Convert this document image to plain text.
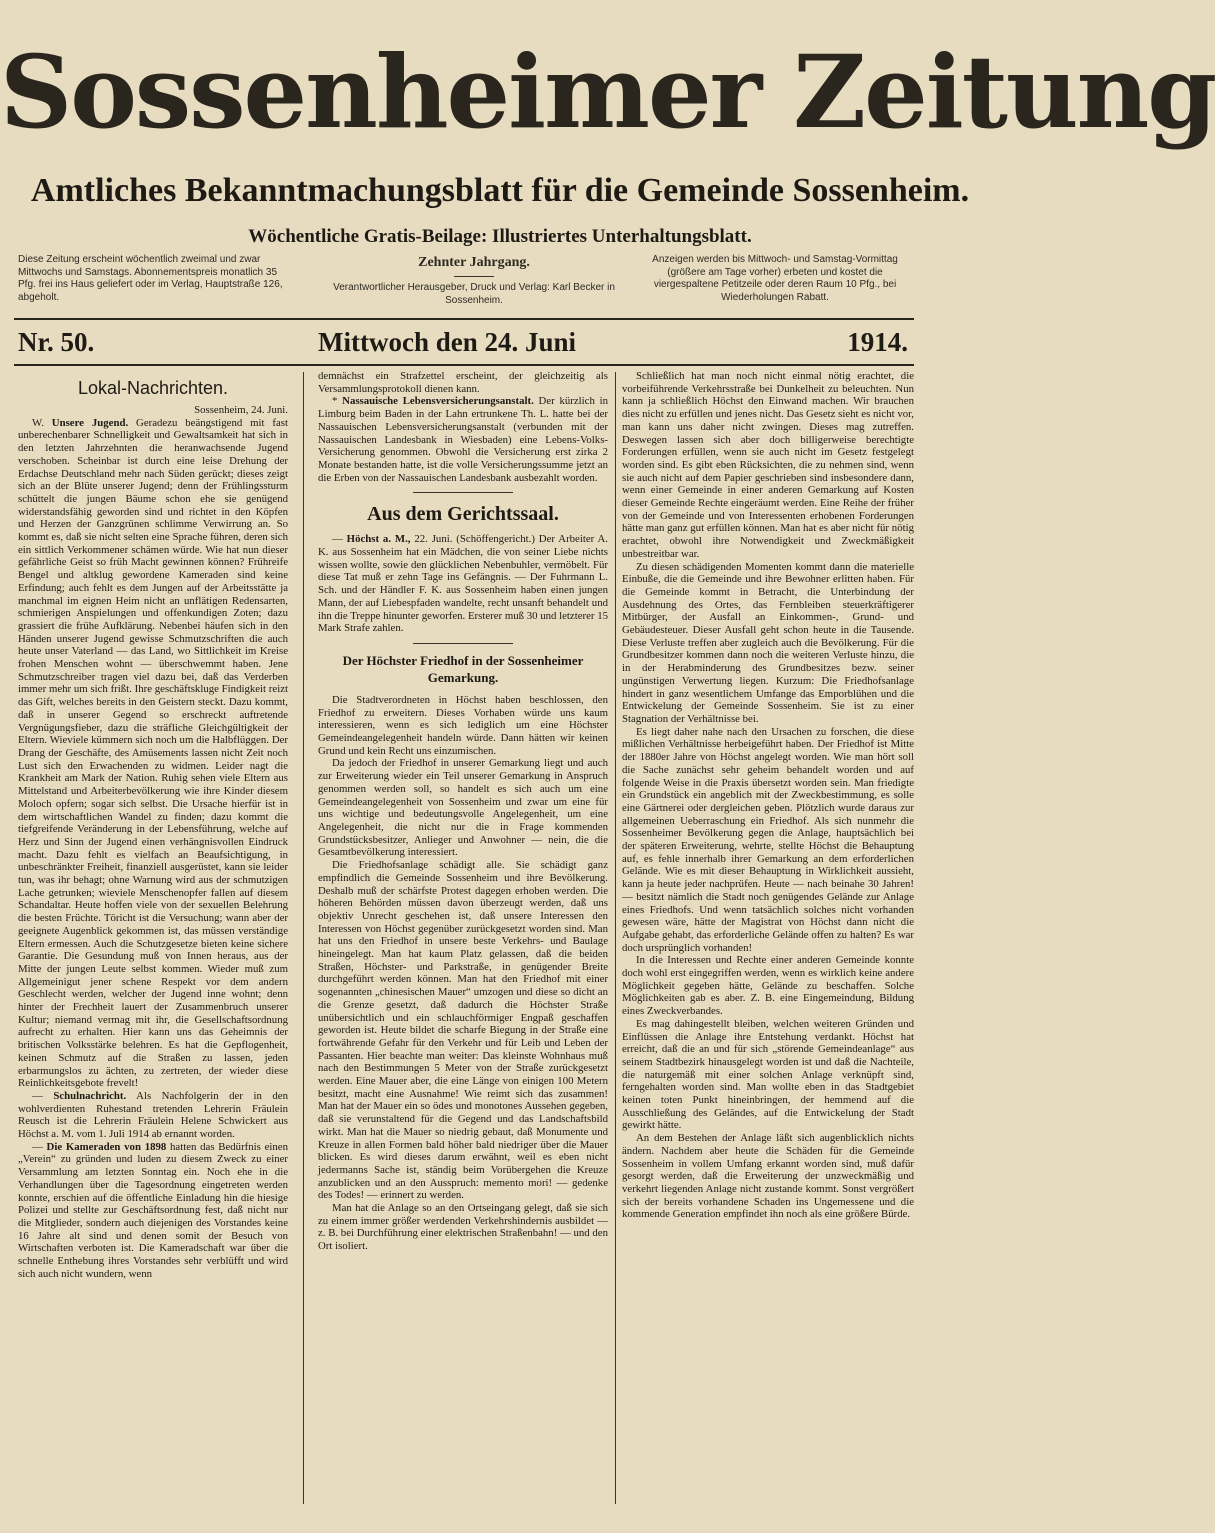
Sossenheimer Zeitung
Amtliches Bekanntmachungsblatt für die Gemeinde Sossenheim.
Wöchentliche Gratis-Beilage: Illustriertes Unterhaltungsblatt.
Diese Zeitung erscheint wöchentlich zweimal und zwar Mittwochs und Samstags. Abonnementspreis monatlich 35 Pfg. frei ins Haus geliefert oder im Verlag, Hauptstraße 126, abgeholt.
Zehnter Jahrgang.
Verantwortlicher Herausgeber, Druck und Verlag: Karl Becker in Sossenheim.
Anzeigen werden bis Mittwoch- und Samstag-Vormittag (größere am Tage vorher) erbeten und kostet die viergespaltene Petitzeile oder deren Raum 10 Pfg., bei Wiederholungen Rabatt.
Nr. 50.	Mittwoch den 24. Juni	1914.
Lokal-Nachrichten.

Sossenheim, 24. Juni.

W. Unsere Jugend. Geradezu beängstigend mit fast unberechenbarer Schnelligkeit und Gewaltsamkeit hat sich in den letzten Jahrzehnten die heranwachsende Jugend verschoben. Scheinbar ist durch eine leise Drehung der Erdachse Deutschland mehr nach Süden gerückt; dieses zeigt sich an der Blüte unserer Jugend; denn der Frühlingssturm schüttelt die jungen Bäume schon ehe sie genügend widerstandsfähig geworden sind und richtet in den Köpfen und Herzen der Ganzgrünen schlimme Verwirrung an. So kommt es, daß sie nicht selten eine Sprache führen, deren sich ein sittlich Verkommener schämen würde. Wie hat nun dieser gefährliche Geist so früh Macht gewinnen können? Frühreife Bengel und altklug gewordene Kameraden sind keine Erfindung; auch fehlt es dem Jungen auf der Arbeitsstätte ja manchmal im eignen Heim nicht an unflätigen Redensarten, schmierigen Anspielungen und offenkundigen Zoten; dazu grassiert die frühe Aufklärung. Nebenbei häufen sich in den Händen unserer Jugend gewisse Schmutzschriften die auch heute unser Vaterland — das Land, wo Sittlichkeit im Kreise frohen Menschen wohnt — überschwemmt haben. Jene Schmutzschreiber tragen viel dazu bei, daß das Verderben immer mehr um sich frißt. Ihre geschäftskluge Findigkeit reizt das Gift, welches bereits in den Geistern steckt. Dazu kommt, daß in unserer Gegend so erschreckt auftretende Vergnügungsfieber, dazu die sträfliche Gleichgültigkeit der Eltern. Wieviele kümmern sich noch um die Halbflüggen. Der Drang der Geschäfte, des Amüsements lassen nicht Zeit noch Lust sich den Erwachenden zu widmen. Leider nagt die Krankheit am Mark der Nation. Ruhig sehen viele Eltern aus Mittelstand und Arbeiterbevölkerung wie ihre Kinder diesem Moloch opfern; sogar sich selbst. Die Ursache hierfür ist in dem wirtschaftlichen Wandel zu finden; dazu kommt die tiefgreifende Veränderung in der Lebensführung, welche auf Herz und Sinn der Jugend einen verhängnisvollen Eindruck macht. Dazu fehlt es vielfach an Beaufsichtigung, in unbeschränkter Freiheit, finanziell ausgerüstet, kann sie leider tun, was ihr behagt; ohne Warnung wird aus der schmutzigen Lache getrunken; wieviele Menschenopfer fallen auf diesem Schandaltar. Heute hoffen viele von der sexuellen Belehrung die besten Früchte. Töricht ist die Versuchung; wann aber der geeignete Augenblick gekommen ist, das müssen verständige Eltern ermessen. Auch die Schutzgesetze bieten keine sichere Garantie. Die Gesundung muß von Innen heraus, aus der Mitte der jungen Leute selbst kommen. Wieder muß zum Allgemeinigut jener schene Respekt vor dem andern Geschlecht werden, welcher der Jugend inne wohnt; denn hinter der Frechheit lauert der Zusammenbruch unserer Kultur; niemand vermag mit ihr, die Gesellschaftsordnung aufrecht zu erhalten. Hier kann uns das Geheimnis der britischen Volksstärke belehren. Es hat die Gepflogenheit, keinen Schmutz auf die Straßen zu lassen, jeden erbarmungslos zu ächten, zu zertreten, der wieder diese Reinlichkeitsgebote frevelt!

— Schulnachricht. Als Nachfolgerin der in den wohlverdienten Ruhestand tretenden Lehrerin Fräulein Reusch ist die Lehrerin Fräulein Helene Schwickert aus Höchst a. M. vom 1. Juli 1914 ab ernannt worden.

— Die Kameraden von 1898 hatten das Bedürfnis einen „Verein“ zu gründen und luden zu diesem Zweck zu einer Versammlung am letzten Sonntag ein. Noch ehe in die Verhandlungen über die Tagesordnung eingetreten werden konnte, erschien auf die öffentliche Einladung hin die hiesige Polizei und stellte zur Geschäftsordnung fest, daß nicht nur die Mitglieder, sondern auch diejenigen des Vorstandes keine 16 Jahre alt sind und denen somit der Besuch von Wirtschaften verboten ist. Die Kameradschaft war über die schnelle Enthebung ihres Vorstandes sehr verblüfft und wird sich auch nicht wundern, wenn

demnächst ein Strafzettel erscheint, der gleichzeitig als Versammlungsprotokoll dienen kann.

* Nassauische Lebensversicherungsanstalt. Der kürzlich in Limburg beim Baden in der Lahn ertrunkene Th. L. hatte bei der Nassauischen Lebensversicherungsanstalt (verbunden mit der Nassauischen Landesbank in Wiesbaden) eine Lebens-Volks-Versicherung genommen. Obwohl die Versicherung erst zirka 2 Monate bestanden hatte, ist die volle Versicherungssumme jetzt an die Erben von der Nassauischen Landesbank ausbezahlt worden.

Aus dem Gerichtssaal.

— Höchst a. M., 22. Juni. (Schöffengericht.) Der Arbeiter A. K. aus Sossenheim hat ein Mädchen, die von seiner Liebe nichts wissen wollte, sowie den glücklichen Nebenbuhler, vermöbelt. Für diese Tat muß er zehn Tage ins Gefängnis. — Der Fuhrmann L. Sch. und der Händler F. K. aus Sossenheim haben einen jungen Mann, der auf Liebespfaden wandelte, recht unsanft behandelt und ihn die Treppe hinunter geworfen. Ersterer muß 30 und letzterer 15 Mark Strafe zahlen.

Der Höchster Friedhof in der Sossenheimer Gemarkung.

Die Stadtverordneten in Höchst haben beschlossen, den Friedhof zu erweitern. Dieses Vorhaben würde uns kaum interessieren, wenn es sich lediglich um eine Höchster Gemeindeangelegenheit handeln würde. Dann hätten wir keinen Grund und kein Recht uns einzumischen.

Da jedoch der Friedhof in unserer Gemarkung liegt und auch zur Erweiterung wieder ein Teil unserer Gemarkung in Anspruch genommen werden soll, so handelt es sich auch um eine Gemeindeangelegenheit von Sossenheim und zwar um eine für uns wichtige und bedeutungsvolle Angelegenheit, um eine Angelegenheit, die nicht nur die in Frage kommenden Grundstücksbesitzer, Anlieger und Anwohner — nein, die die Gesamtbevölkerung interessiert.

Die Friedhofsanlage schädigt alle. Sie schädigt ganz empfindlich die Gemeinde Sossenheim und ihre Bevölkerung. Deshalb muß der schärfste Protest dagegen erhoben werden. Die höheren Behörden müssen davon überzeugt werden, daß uns objektiv Unrecht geschehen ist, daß unsere Interessen den Interessen von Höchst gegenüber zurückgesetzt worden sind. Man hat uns den Friedhof in unsere beste Verkehrs- und Baulage hineingelegt. Man hat kaum Platz gelassen, daß die beiden Straßen, Höchster- und Parkstraße, in genügender Breite durchgeführt werden können. Man hat den Friedhof mit einer sogenannten „chinesischen Mauer“ umzogen und diese so dicht an die Grenze gesetzt, daß dadurch die Höchster Straße unübersichtlich und ein schlauchförmiger Engpaß geschaffen geworden ist. Heute bildet die scharfe Biegung in der Straße eine fortwährende Gefahr für den Verkehr und für Leib und Leben der Passanten. Hier beachte man weiter: Das kleinste Wohnhaus muß nach den Bestimmungen 5 Meter von der Straße zurückgesetzt werden. Eine Mauer aber, die eine Länge von einigen 100 Metern besitzt, macht eine Ausnahme! Wie reimt sich das zusammen! Man hat der Mauer ein so ödes und monotones Aussehen gegeben, daß sie verunstaltend für die Gegend und das Landschaftsbild wirkt. Man hat die Mauer so niedrig gebaut, daß Monumente und Kreuze in allen Formen bald höher bald niedriger über die Mauer blicken. Es wird dieses darum erwähnt, weil es eben nicht jedermanns Sache ist, ständig beim Vorübergehen die Kreuze anzublicken und an den Ausspruch: memento mori! — gedenke des Todes! — erinnert zu werden.

Man hat die Anlage so an den Ortseingang gelegt, daß sie sich zu einem immer größer werdenden Verkehrshindernis ausbildet — z. B. bei Durchführung einer elektrischen Straßenbahn! — und den Ort isoliert.

Schließlich hat man noch nicht einmal nötig erachtet, die vorbeiführende Verkehrsstraße bei Dunkelheit zu beleuchten. Nun kann ja schließlich Höchst den Einwand machen. Wir brauchen dies nicht zu erfüllen und jenes nicht. Das Gesetz sieht es nicht vor, man kann uns daher nicht zwingen. Dieses mag zutreffen. Deswegen lassen sich aber doch billigerweise berechtigte Forderungen erfüllen, wenn sie auch nicht im Gesetz festgelegt worden sind. Es gibt eben Rücksichten, die zu nehmen sind, wenn sie auch nicht auf dem Papier geschrieben sind insbesondere dann, wenn einer Gemeinde in einer anderen Gemarkung auf Kosten dieser Gemeinde Rechte eingeräumt werden. Eine Reihe der früher von der Gemeinde und von Interessenten erhobenen Forderungen hätte man ganz gut erfüllen können. Man hat es aber nicht für nötig erachtet, obwohl ihre Notwendigkeit und Zweckmäßigkeit unbestreitbar war.

Zu diesen schädigenden Momenten kommt dann die materielle Einbuße, die die Gemeinde und ihre Bewohner erlitten haben. Für die Gemeinde kommt in Betracht, die Unterbindung der Ausdehnung des Ortes, das Fernbleiben steuerkräftigerer Mitbürger, der Ausfall an Einkommen-, Grund- und Gebäudesteuer. Dieser Ausfall geht schon heute in die Tausende. Diese Verluste treffen aber zugleich auch die Bevölkerung. Für die Grundbesitzer kommen dann noch die weiteren Verluste hinzu, die in der Herabminderung des Grundbesitzes bezw. seiner ungünstigen Verwertung liegen. Kurzum: Die Friedhofsanlage hindert in ganz wesentlichem Umfange das Emporblühen und die Entwickelung der Gemeinde Sossenheim. Sie ist zu einer Stagnation der Verhältnisse bei.

Es liegt daher nahe nach den Ursachen zu forschen, die diese mißlichen Verhältnisse herbeigeführt haben. Der Friedhof ist Mitte der 1880er Jahre von Höchst angelegt worden. Wie man hört soll die Sache zunächst sehr geheim behandelt worden und auf folgende Weise in die Praxis übersetzt worden sein. Man friedigte ein Grundstück ein angeblich mit der Zweckbestimmung, es solle eine Gärtnerei oder dergleichen geben. Plötzlich wurde daraus zur allgemeinen Ueberraschung ein Friedhof. Als sich nunmehr die Sossenheimer Bevölkerung gegen die Anlage, hauptsächlich bei der späteren Erweiterung, wehrte, stellte Höchst die Behauptung auf, es fehle innerhalb ihrer Gemarkung an dem erforderlichen Gelände. Wie es mit dieser Behauptung in Wirklichkeit aussieht, kann ja heute jeder nachprüfen. Heute — nach beinahe 30 Jahren! — besitzt nämlich die Stadt noch genügendes Gelände zur Anlage eines Friedhofs. Und wenn tatsächlich solches nicht vorhanden gewesen wäre, hätte der Magistrat von Höchst dann nicht die Aufgabe gehabt, das erforderliche Gelände offen zu halten? Es war doch ursprünglich vorhanden!

In die Interessen und Rechte einer anderen Gemeinde konnte doch wohl erst eingegriffen werden, wenn es wirklich keine andere Möglichkeit gegeben hätte, Gelände zu beschaffen. Solche Möglichkeiten gab es aber. Z. B. eine Eingemeindung, Bildung eines Zweckverbandes.

Es mag dahingestellt bleiben, welchen weiteren Gründen und Einflüssen die Anlage ihre Entstehung verdankt. Höchst hat erreicht, daß die an und für sich „störende Gemeindeanlage“ aus seinem Stadtbezirk hinausgelegt worden ist und daß die Nachteile, die naturgemäß mit einer solchen Anlage verknüpft sind, ferngehalten worden sind. Man wollte eben in das Stadtgebiet keinen toten Punkt hineinbringen, der hemmend auf die Ausschließung des Geländes, auf die Entwickelung der Stadt gewirkt hätte.

An dem Bestehen der Anlage läßt sich augenblicklich nichts ändern. Nachdem aber heute die Schäden für die Gemeinde Sossenheim in vollem Umfang erkannt worden sind, muß dafür gesorgt werden, daß die Erweiterung der unzweckmäßig und verkehrt liegenden Anlage nicht zustande kommt. Sonst vergrößert sich der bereits vorhandene Schaden ins Ungemessene und die kommende Generation empfindet ihn noch als eine größere Bürde.
